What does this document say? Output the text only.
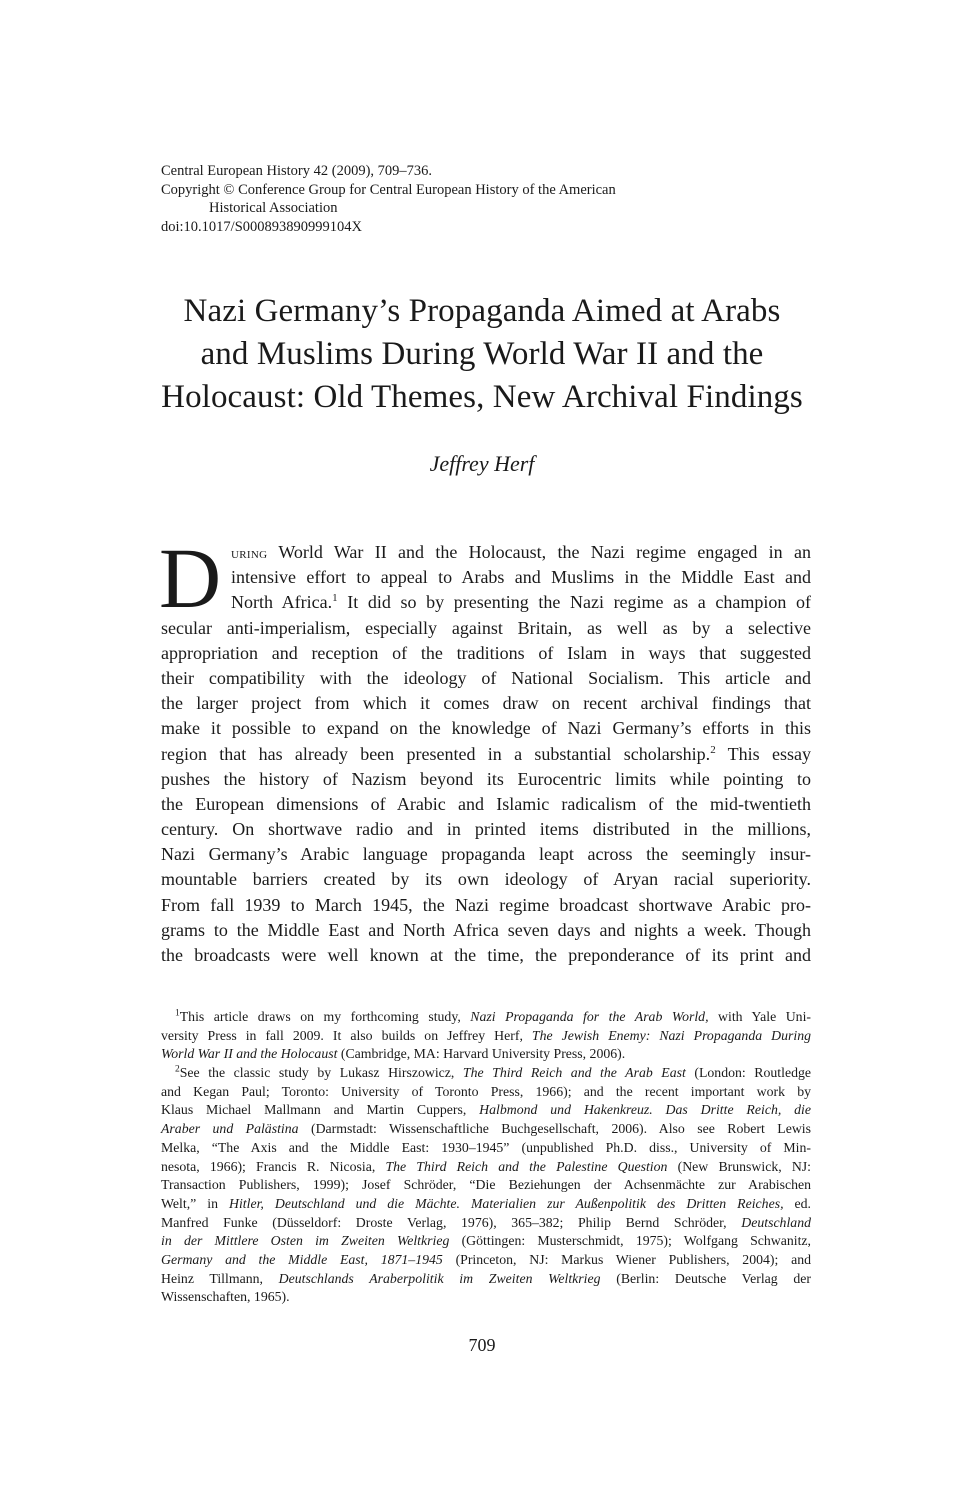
Central European History 42 (2009), 709–736.
Copyright © Conference Group for Central European History of the American
Historical Association
doi:10.1017/S000893890999104X
Nazi Germany’s Propaganda Aimed at Arabs
and Muslims During World War II and the
Holocaust: Old Themes, New Archival Findings
Jeffrey Herf
D uring World War II and the Holocaust, the Nazi regime engaged in an
intensive effort to appeal to Arabs and Muslims in the Middle East and
North Africa.$^1$ It did so by presenting the Nazi regime as a champion of
secular anti-imperialism, especially against Britain, as well as by a selective
appropriation and reception of the traditions of Islam in ways that suggested
their compatibility with the ideology of National Socialism. This article and
the larger project from which it comes draw on recent archival findings that
make it possible to expand on the knowledge of Nazi Germany’s efforts in this
region that has already been presented in a substantial scholarship.$^2$ This essay
pushes the history of Nazism beyond its Eurocentric limits while pointing to
the European dimensions of Arabic and Islamic radicalism of the mid-twentieth
century. On shortwave radio and in printed items distributed in the millions,
Nazi Germany’s Arabic language propaganda leapt across the seemingly insur-
mountable barriers created by its own ideology of Aryan racial superiority.
From fall 1939 to March 1945, the Nazi regime broadcast shortwave Arabic pro-
grams to the Middle East and North Africa seven days and nights a week. Though
the broadcasts were well known at the time, the preponderance of its print and
$^1$This article draws on my forthcoming study, Nazi Propaganda for the Arab World, with Yale Uni-
versity Press in fall 2009. It also builds on Jeffrey Herf, The Jewish Enemy: Nazi Propaganda During
World War II and the Holocaust (Cambridge, MA: Harvard University Press, 2006).
$^2$See the classic study by Lukasz Hirszowicz, The Third Reich and the Arab East (London: Routledge
and Kegan Paul; Toronto: University of Toronto Press, 1966); and the recent important work by
Klaus Michael Mallmann and Martin Cuppers, Halbmond und Hakenkreuz. Das Dritte Reich, die
Araber und Palästina (Darmstadt: Wissenschaftliche Buchgesellschaft, 2006). Also see Robert Lewis
Melka, “The Axis and the Middle East: 1930–1945” (unpublished Ph.D. diss., University of Min-
nesota, 1966); Francis R. Nicosia, The Third Reich and the Palestine Question (New Brunswick, NJ:
Transaction Publishers, 1999); Josef Schröder, “Die Beziehungen der Achsenmächte zur Arabischen
Welt,” in Hitler, Deutschland und die Mächte. Materialien zur Außenpolitik des Dritten Reiches, ed.
Manfred Funke (Düsseldorf: Droste Verlag, 1976), 365–382; Philip Bernd Schröder, Deutschland
in der Mittlere Osten im Zweiten Weltkrieg (Göttingen: Musterschmidt, 1975); Wolfgang Schwanitz,
Germany and the Middle East, 1871–1945 (Princeton, NJ: Markus Wiener Publishers, 2004); and
Heinz Tillmann, Deutschlands Araberpolitik im Zweiten Weltkrieg (Berlin: Deutsche Verlag der
Wissenschaften, 1965).
709
